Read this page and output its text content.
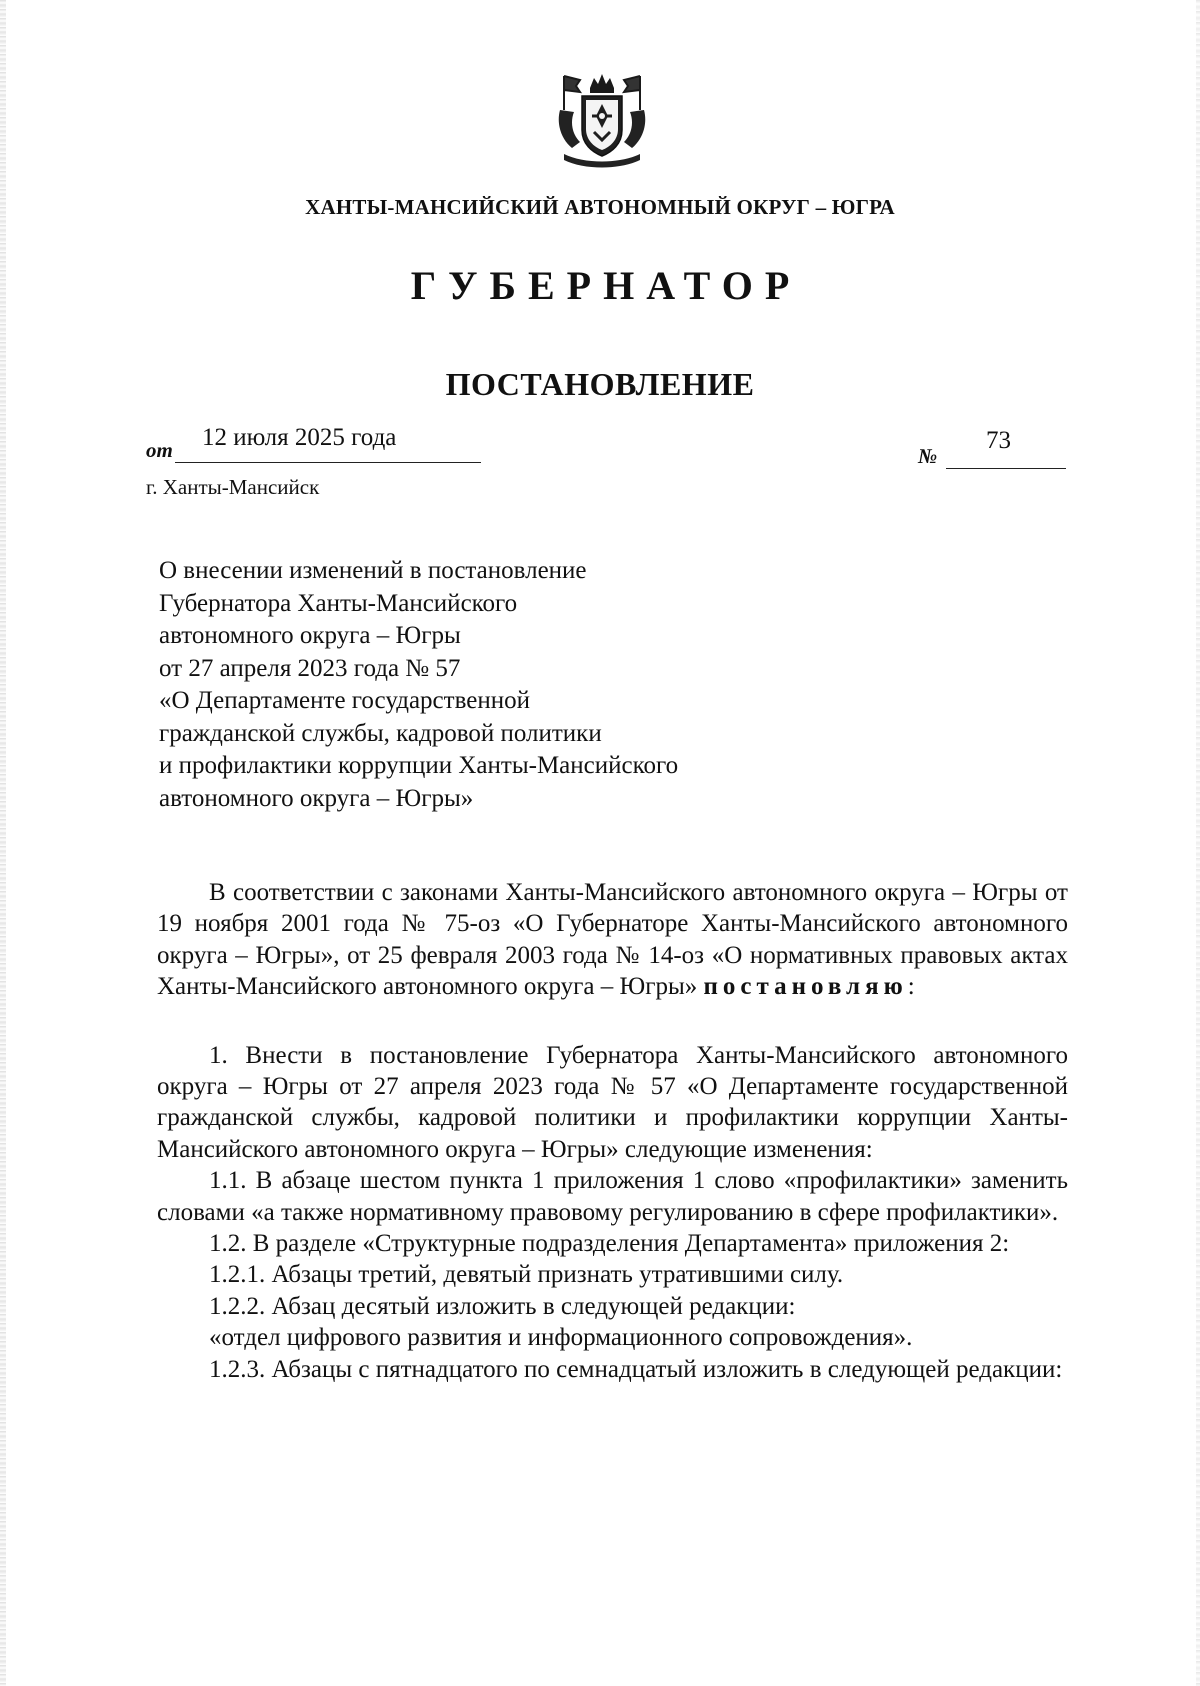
ХАНТЫ-МАНСИЙСКИЙ АВТОНОМНЫЙ ОКРУГ – ЮГРА
ГУБЕРНАТОР
ПОСТАНОВЛЕНИЕ
от 12 июля 2025 года
№
73
г. Ханты-Мансийск
О внесении изменений в постановление
Губернатора Ханты-Мансийского
автономного округа – Югры
от 27 апреля 2023 года № 57
«О Департаменте государственной
гражданской службы, кадровой политики
и профилактики коррупции Ханты-Мансийского
автономного округа – Югры»

В соответствии с законами Ханты-Мансийского автономного округа – Югры от 19 ноября 2001 года № 75-оз «О Губернаторе Ханты-Мансийского автономного округа – Югры», от 25 февраля 2003 года № 14-оз «О нормативных правовых актах Ханты-Мансийского автономного округа – Югры» постановляю:

1. Внести в постановление Губернатора Ханты-Мансийского автономного округа – Югры от 27 апреля 2023 года № 57 «О Департаменте государственной гражданской службы, кадровой политики и профилактики коррупции Ханты-Мансийского автономного округа – Югры» следующие изменения:

1.1. В абзаце шестом пункта 1 приложения 1 слово «профилактики» заменить словами «а также нормативному правовому регулированию в сфере профилактики».

1.2. В разделе «Структурные подразделения Департамента» приложения 2:

1.2.1. Абзацы третий, девятый признать утратившими силу.

1.2.2. Абзац десятый изложить в следующей редакции:

«отдел цифрового развития и информационного сопровождения».

1.2.3. Абзацы с пятнадцатого по семнадцатый изложить в следующей редакции:
